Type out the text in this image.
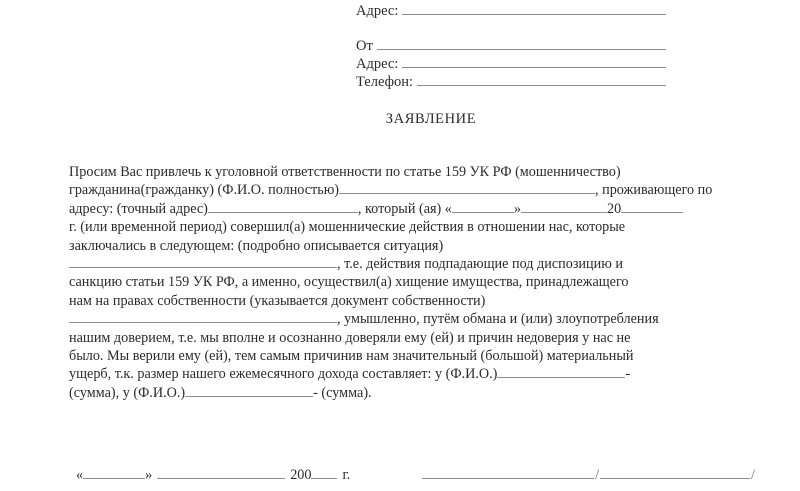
Адрес:
От
Адрес:
Телефон:
ЗАЯВЛЕНИЕ
Просим Вас привлечь к уголовной ответственности по статье 159 УК РФ (мошенничество)
гражданина(гражданку) (Ф.И.О. полностью)	, проживающего по
адресу: (точный адрес)	, который (ая) «	»	20
г. (или временной период) совершил(а) мошеннические действия в отношении нас, которые
заключались в следующем: (подробно описывается ситуация)
, т.е. действия подпадающие под диспозицию и
санкцию статьи 159 УК РФ, а именно, осуществил(а) хищение имущества, принадлежащего
нам на правах собственности (указывается документ собственности)
, умышленно, путём обмана и (или) злоупотребления
нашим доверием, т.е. мы вполне и осознанно доверяли ему (ей) и причин недоверия у нас не
было. Мы верили ему (ей), тем самым причинив нам значительный (большой) материальный
ущерб, т.к. размер нашего ежемесячного дохода составляет: у (Ф.И.О.)	-
(сумма), у (Ф.И.О.)	- (сумма).
«	»	200 г.	/	/
